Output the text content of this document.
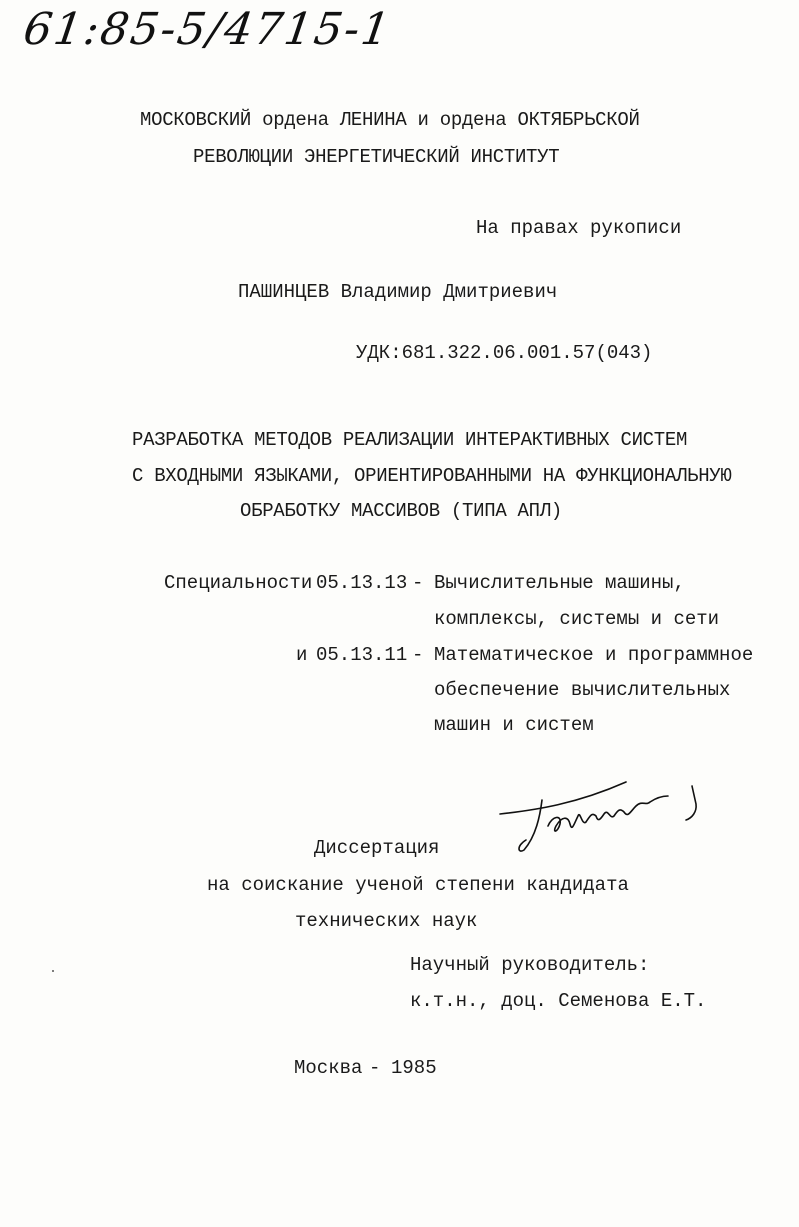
61:85-5/4715-1
МОСКОВСКИЙ ордена ЛЕНИНА и ордена ОКТЯБРЬСКОЙ
РЕВОЛЮЦИИ ЭНЕРГЕТИЧЕСКИЙ ИНСТИТУТ
На правах рукописи
ПАШИНЦЕВ Владимир Дмитриевич
УДК:681.322.06.001.57(043)
РАЗРАБОТКА МЕТОДОВ РЕАЛИЗАЦИИ ИНТЕРАКТИВНЫХ СИСТЕМ
С ВХОДНЫМИ ЯЗЫКАМИ, ОРИЕНТИРОВАННЫМИ НА ФУНКЦИОНАЛЬНУЮ
ОБРАБОТКУ МАССИВОВ (ТИПА АПЛ)
Специальности 05.13.13 - Вычислительные машины,
комплексы, системы и сети
и 05.13.11 - Математическое и программное
обеспечение вычислительных
машин и систем
Диссертация
на соискание ученой степени кандидата
технических наук
Научный руководитель:
к.т.н., доц. Семенова Е.Т.
Москва - 1985
